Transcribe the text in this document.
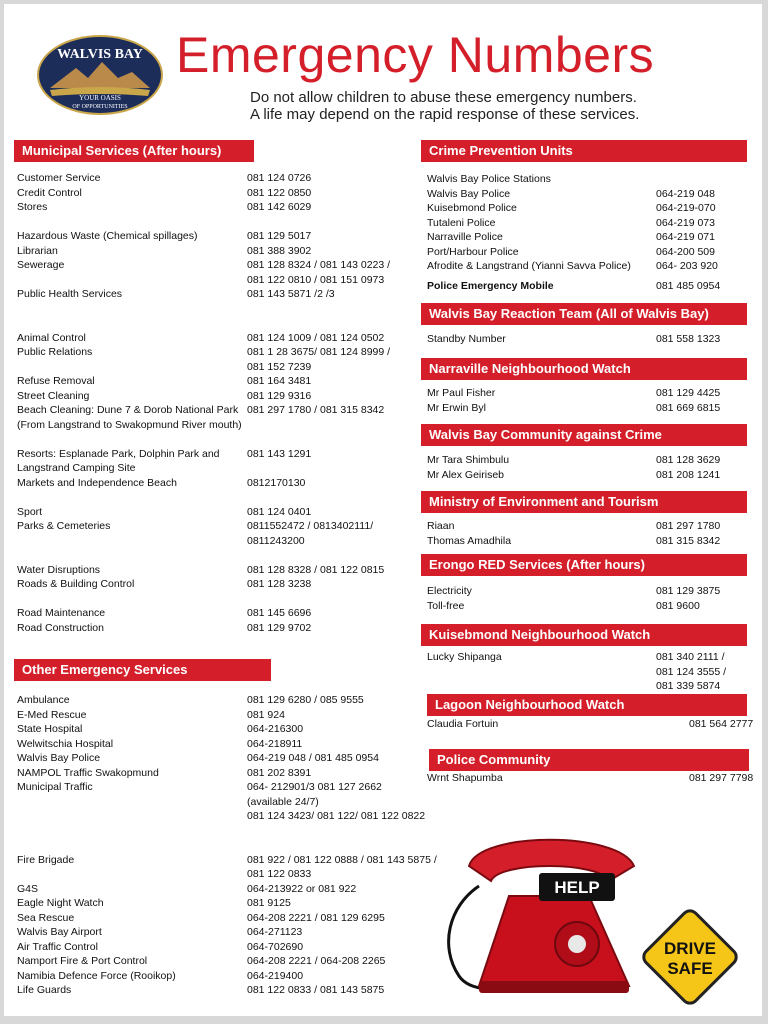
WALVIS BAY
YOUR OASIS
OF OPPORTUNITIES
Emergency Numbers
Do not allow children to abuse these emergency numbers.
A life may depend on the rapid response of these services.
Municipal Services (After hours)
Customer Service	081 124 0726
Credit Control	081 122 0850
Stores	081 142 6029
Hazardous Waste (Chemical spillages)	081 129 5017
Librarian	081 388 3902
Sewerage	081 128 8324 / 081 143 0223 /
081 122 0810 / 081 151 0973
Public Health Services	081 143 5871 /2 /3
Animal Control	081 124 1009 / 081 124 0502
Public Relations	081 1 28 3675/ 081 124 8999 /
081 152 7239
Refuse Removal	081 164 3481
Street Cleaning	081 129 9316
Beach Cleaning: Dune 7 & Dorob National Park 081 297 1780 / 081 315 8342
(From Langstrand to Swakopmund River mouth)
Resorts: Esplanade Park, Dolphin Park and	081 143 1291
Langstrand Camping Site
Markets and Independence Beach	0812170130
Sport	081 124 0401
Parks & Cemeteries	0811552472 / 0813402111/
0811243200
Water Disruptions	081 128 8328 / 081 122 0815
Roads & Building Control	081 128 3238
Road Maintenance	081 145 6696
Road Construction	081 129 9702
Other Emergency Services
Ambulance	081 129 6280 / 085 9555
E-Med Rescue	081 924
State Hospital	064-216300
Welwitschia Hospital	064-218911
Walvis Bay Police	064-219 048 / 081 485 0954
NAMPOL Traffic Swakopmund	081 202 8391
Municipal Traffic	064- 212901/3 081 127 2662
(available 24/7)
081 124 3423/ 081 122/ 081 122 0822
Fire Brigade	081 922 / 081 122 0888 / 081 143 5875 /
081 122 0833
G4S	064-213922 or 081 922
Eagle Night Watch	081 9125
Sea Rescue	064-208 2221 / 081 129 6295
Walvis Bay Airport	064-271123
Air Traffic Control	064-702690
Namport Fire & Port Control	064-208 2221 / 064-208 2265
Namibia Defence Force (Rooikop)	064-219400
Life Guards	081 122 0833 / 081 143 5875
Crime Prevention Units
Walvis Bay Police Stations
Walvis Bay Police	064-219 048
Kuisebmond Police	064-219-070
Tutaleni Police	064-219 073
Narraville Police	064-219 071
Port/Harbour Police	064-200 509
Afrodite & Langstrand (Yianni Savva Police) 064- 203 920
Police Emergency Mobile	081 485 0954
Walvis Bay Reaction Team (All of Walvis Bay)
Standby Number	081 558 1323
Narraville Neighbourhood Watch
Mr Paul Fisher	081 129 4425
Mr Erwin Byl	081 669 6815
Walvis Bay Community against Crime
Mr Tara Shimbulu	081 128 3629
Mr Alex Geiriseb	081 208 1241
Ministry of Environment and Tourism
Riaan	081 297 1780
Thomas Amadhila	081 315 8342
Erongo RED Services (After hours)
Electricity	081 129 3875
Toll-free	081 9600
Kuisebmond Neighbourhood Watch
Lucky Shipanga	081 340 2111 /
081 124 3555 /
081 339 5874
Lagoon Neighbourhood Watch
Claudia Fortuin	081 564 2777
Police Community
Wrnt Shapumba	081 297 7798
HELP
DRIVE
SAFE
